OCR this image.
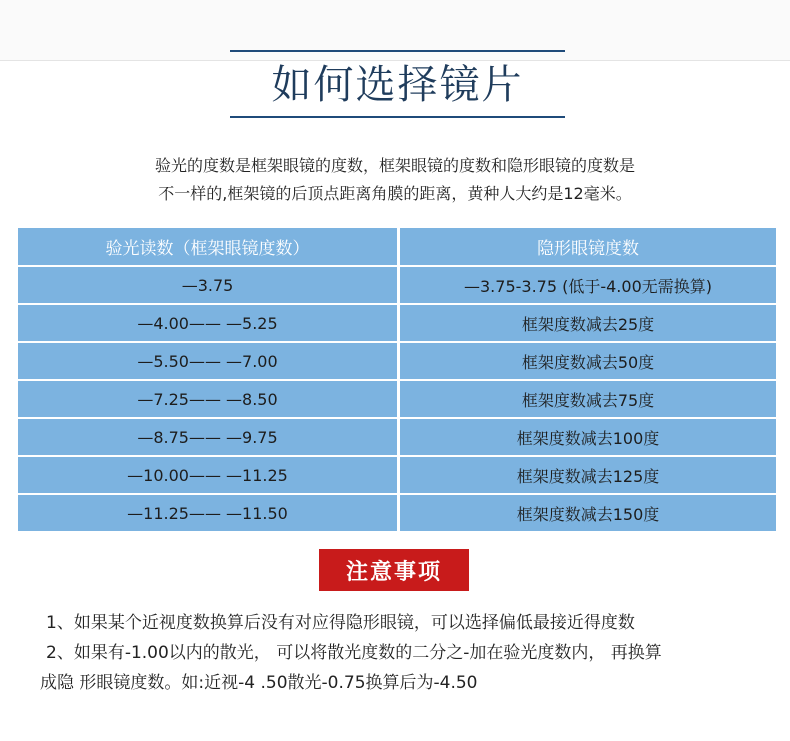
如何选择镜片

验光的度数是框架眼镜的度数，框架眼镜的度数和隐形眼镜的度数是

不一样的,框架镜的后顶点距离角膜的距离，黄种人大约是12毫米。

验光读数（框架眼镜度数）	隐形眼镜度数
—3.75	—3.75-3.75 (低于-4.00无需换算)
—4.00—— —5.25	框架度数减去25度
—5.50—— —7.00	框架度数减去50度
—7.25—— —8.50	框架度数减去75度
—8.75—— —9.75	框架度数减去100度
—10.00—— —11.25	框架度数减去125度
—11.25—— —11.50	框架度数减去150度
注意事项

1、如果某个近视度数换算后没有对应得隐形眼镜，可以选择偏低最接近得度数

2、如果有-1.00以内的散光， 可以将散光度数的二分之-加在验光度数内， 再换算

成隐 形眼镜度数。如:近视-4 .50散光-0.75换算后为-4.50
